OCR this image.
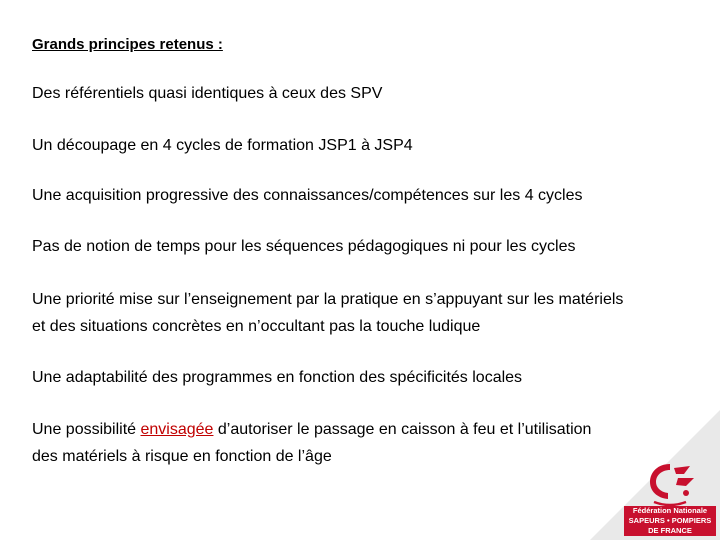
Grands principes retenus :
Des référentiels quasi identiques à ceux des SPV
Un découpage en 4 cycles de formation JSP1 à JSP4
Une acquisition progressive des connaissances/compétences sur les 4 cycles
Pas de notion de temps pour les séquences pédagogiques ni pour les cycles
Une priorité mise sur l’enseignement par la pratique en s’appuyant sur les matériels
et des situations concrètes en n’occultant pas la touche ludique
Une adaptabilité des programmes en fonction des spécificités locales
Une possibilité envisagée d’autoriser le passage en caisson à feu et l’utilisation
des matériels à risque en fonction de l’âge
Fédération Nationale
SAPEURS • POMPIERS
DE FRANCE
